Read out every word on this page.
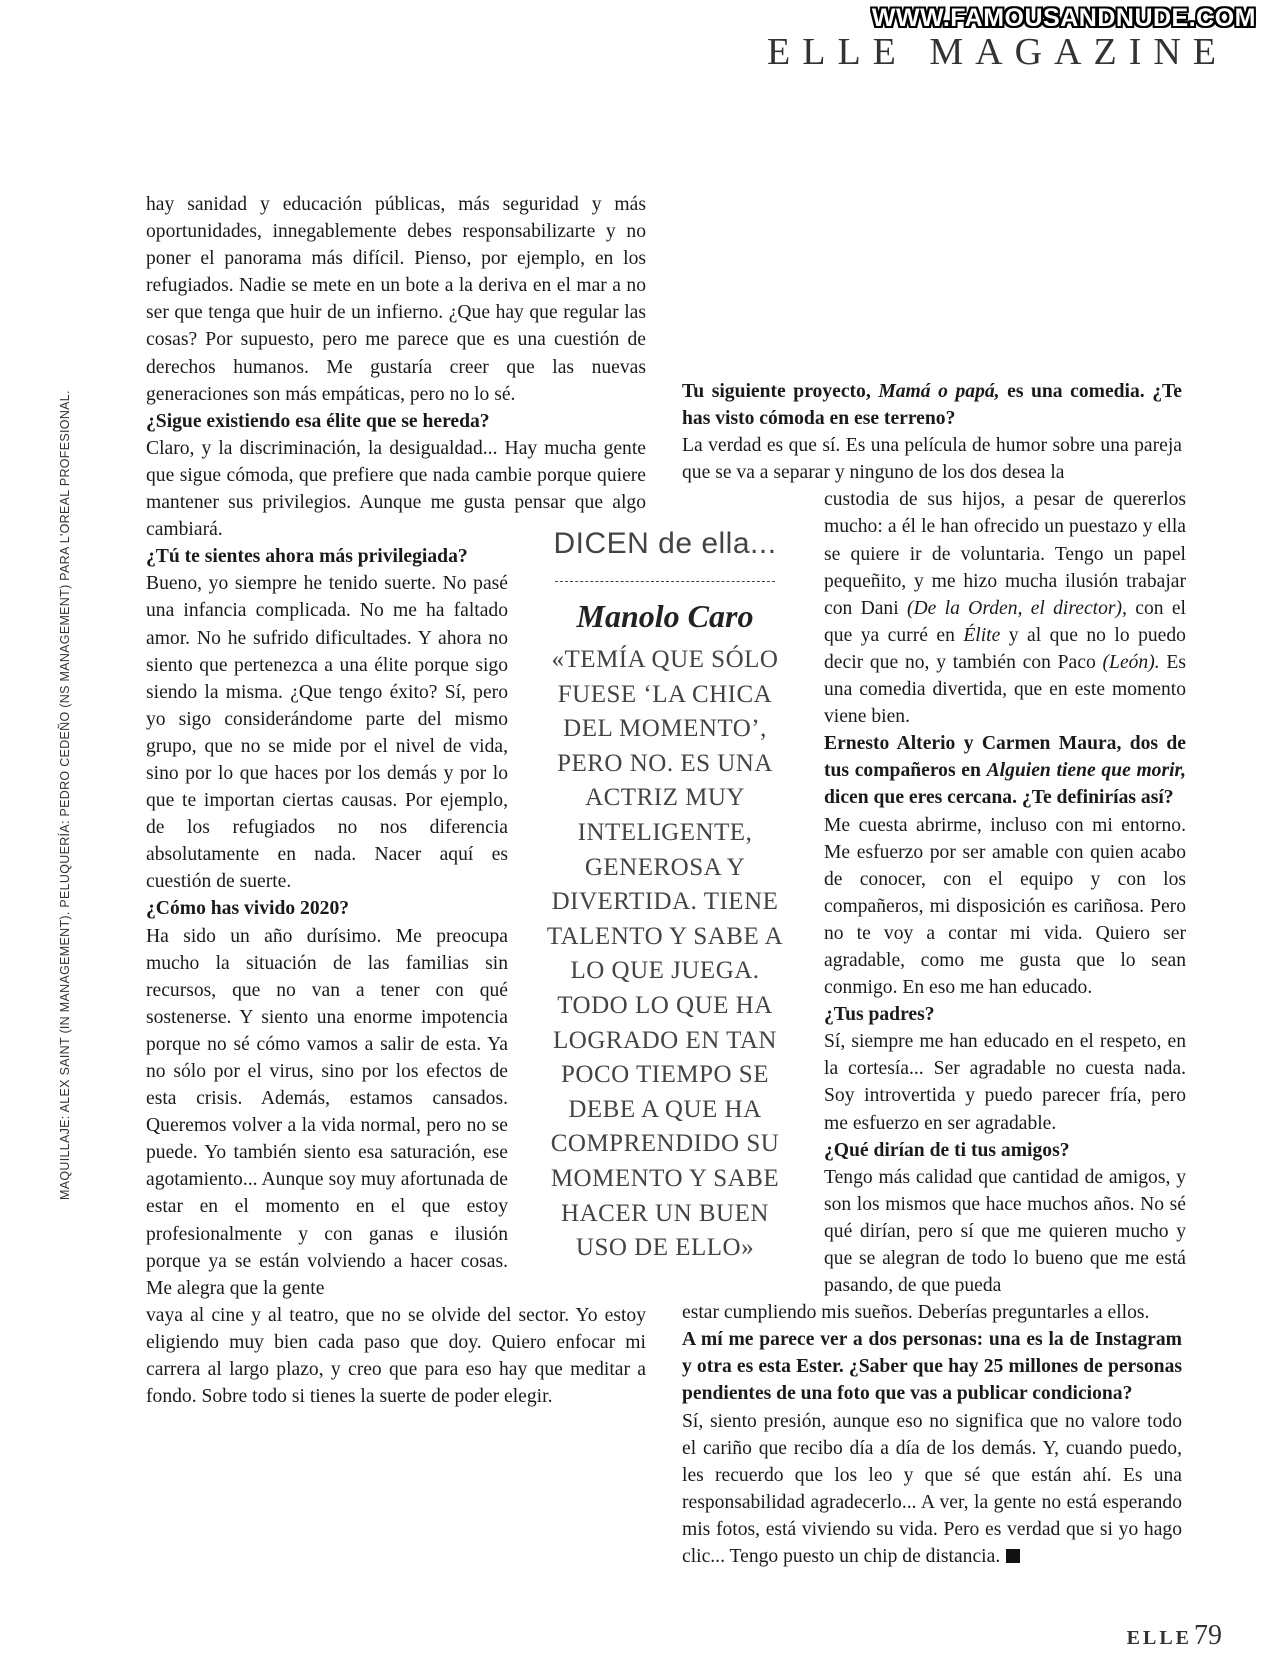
WWW.FAMOUSANDNUDE.COM
ELLE MAGAZINE
MAQUILLAJE: ALEX SAINT (IN MANAGEMENT). PELUQUERÍA: PEDRO CEDEÑO (NS MANAGEMENT) PARA L'OREAL PROFESIONAL.

hay sanidad y educación públicas, más seguridad y más oportunidades, innegablemente debes responsabilizarte y no poner el panorama más difícil. Pienso, por ejemplo, en los refugiados. Nadie se mete en un bote a la deriva en el mar a no ser que tenga que huir de un infierno. ¿Que hay que regular las cosas? Por supuesto, pero me parece que es una cuestión de derechos humanos. Me gustaría creer que las nuevas generaciones son más empáticas, pero no lo sé.

¿Sigue existiendo esa élite que se hereda?

Claro, y la discriminación, la desigualdad... Hay mucha gente que sigue cómoda, que prefiere que nada cambie porque quiere mantener sus privilegios. Aunque me gusta pensar que algo cambiará.

¿Tú te sientes ahora más privilegiada?

Bueno, yo siempre he tenido suerte. No pasé una infancia complicada. No me ha faltado amor. No he sufrido dificultades. Y ahora no siento que pertenezca a una élite porque sigo siendo la misma. ¿Que tengo éxito? Sí, pero yo sigo considerándome parte del mismo grupo, que no se mide por el nivel de vida, sino por lo que haces por los demás y por lo que te importan ciertas causas. Por ejemplo, de los refugiados no nos diferencia absolutamente en nada. Nacer aquí es cuestión de suerte.

¿Cómo has vivido 2020?

Ha sido un año durísimo. Me preocupa mucho la situación de las familias sin recursos, que no van a tener con qué sostenerse. Y siento una enorme impotencia porque no sé cómo vamos a salir de esta. Ya no sólo por el virus, sino por los efectos de esta crisis. Además, estamos cansados. Queremos volver a la vida normal, pero no se puede. Yo también siento esa saturación, ese agotamiento... Aunque soy muy afortunada de estar en el momento en el que estoy profesionalmente y con ganas e ilusión porque ya se están volviendo a hacer cosas. Me alegra que la gente

vaya al cine y al teatro, que no se olvide del sector. Yo estoy eligiendo muy bien cada paso que doy. Quiero enfocar mi carrera al largo plazo, y creo que para eso hay que meditar a fondo. Sobre todo si tienes la suerte de poder elegir.

DICEN de ella...
Manolo Caro
«TEMÍA QUE SÓLO FUESE ‘LA CHICA DEL MOMENTO’, PERO NO. ES UNA ACTRIZ MUY INTELIGENTE, GENEROSA Y DIVERTIDA. TIENE TALENTO Y SABE A LO QUE JUEGA. TODO LO QUE HA LOGRADO EN TAN POCO TIEMPO SE DEBE A QUE HA COMPRENDIDO SU MOMENTO Y SABE HACER UN BUEN USO DE ELLO»

Tu siguiente proyecto, Mamá o papá, es una comedia. ¿Te has visto cómoda en ese terreno?

La verdad es que sí. Es una película de humor sobre una pareja que se va a separar y ninguno de los dos desea la

custodia de sus hijos, a pesar de quererlos mucho: a él le han ofrecido un puestazo y ella se quiere ir de voluntaria. Tengo un papel pequeñito, y me hizo mucha ilusión trabajar con Dani (De la Orden, el director), con el que ya curré en Élite y al que no lo puedo decir que no, y también con Paco (León). Es una comedia divertida, que en este momento viene bien.

Ernesto Alterio y Carmen Maura, dos de tus compañeros en Alguien tiene que morir, dicen que eres cercana. ¿Te definirías así?

Me cuesta abrirme, incluso con mi entorno. Me esfuerzo por ser amable con quien acabo de conocer, con el equipo y con los compañeros, mi disposición es cariñosa. Pero no te voy a contar mi vida. Quiero ser agradable, como me gusta que lo sean conmigo. En eso me han educado.

¿Tus padres?

Sí, siempre me han educado en el respeto, en la cortesía... Ser agradable no cuesta nada. Soy introvertida y puedo parecer fría, pero me esfuerzo en ser agradable.

¿Qué dirían de ti tus amigos?

Tengo más calidad que cantidad de amigos, y son los mismos que hace muchos años. No sé qué dirían, pero sí que me quieren mucho y que se alegran de todo lo bueno que me está pasando, de que pueda

estar cumpliendo mis sueños. Deberías preguntarles a ellos.

A mí me parece ver a dos personas: una es la de Instagram y otra es esta Ester. ¿Saber que hay 25 millones de personas pendientes de una foto que vas a publicar condiciona?

Sí, siento presión, aunque eso no significa que no valore todo el cariño que recibo día a día de los demás. Y, cuando puedo, les recuerdo que los leo y que sé que están ahí. Es una responsabilidad agradecerlo... A ver, la gente no está esperando mis fotos, está viviendo su vida. Pero es verdad que si yo hago clic... Tengo puesto un chip de distancia.

ELLE79
